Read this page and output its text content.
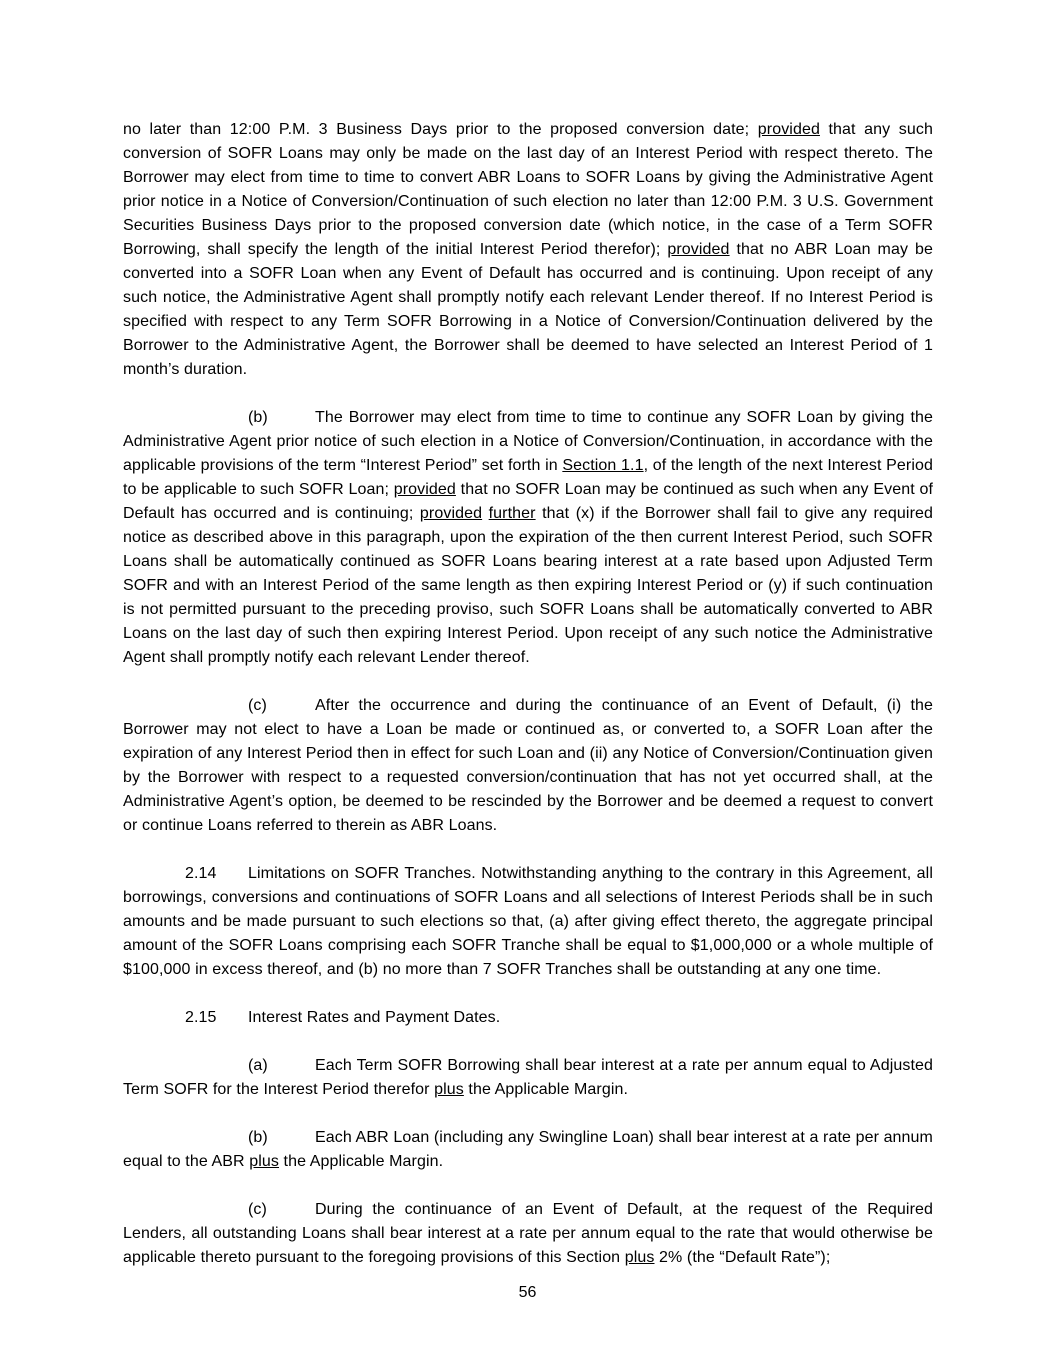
no later than 12:00 P.M. 3 Business Days prior to the proposed conversion date; provided that any such conversion of SOFR Loans may only be made on the last day of an Interest Period with respect thereto. The Borrower may elect from time to time to convert ABR Loans to SOFR Loans by giving the Administrative Agent prior notice in a Notice of Conversion/Continuation of such election no later than 12:00 P.M. 3 U.S. Government Securities Business Days prior to the proposed conversion date (which notice, in the case of a Term SOFR Borrowing, shall specify the length of the initial Interest Period therefor); provided that no ABR Loan may be converted into a SOFR Loan when any Event of Default has occurred and is continuing. Upon receipt of any such notice, the Administrative Agent shall promptly notify each relevant Lender thereof. If no Interest Period is specified with respect to any Term SOFR Borrowing in a Notice of Conversion/Continuation delivered by the Borrower to the Administrative Agent, the Borrower shall be deemed to have selected an Interest Period of 1 month’s duration.

(b)	The Borrower may elect from time to time to continue any SOFR Loan by giving the Administrative Agent prior notice of such election in a Notice of Conversion/Continuation, in accordance with the applicable provisions of the term “Interest Period” set forth in Section 1.1, of the length of the next Interest Period to be applicable to such SOFR Loan; provided that no SOFR Loan may be continued as such when any Event of Default has occurred and is continuing; provided further that (x) if the Borrower shall fail to give any required notice as described above in this paragraph, upon the expiration of the then current Interest Period, such SOFR Loans shall be automatically continued as SOFR Loans bearing interest at a rate based upon Adjusted Term SOFR and with an Interest Period of the same length as then expiring Interest Period or (y) if such continuation is not permitted pursuant to the preceding proviso, such SOFR Loans shall be automatically converted to ABR Loans on the last day of such then expiring Interest Period. Upon receipt of any such notice the Administrative Agent shall promptly notify each relevant Lender thereof.

(c)	After the occurrence and during the continuance of an Event of Default, (i) the Borrower may not elect to have a Loan be made or continued as, or converted to, a SOFR Loan after the expiration of any Interest Period then in effect for such Loan and (ii) any Notice of Conversion/Continuation given by the Borrower with respect to a requested conversion/continuation that has not yet occurred shall, at the Administrative Agent’s option, be deemed to be rescinded by the Borrower and be deemed a request to convert or continue Loans referred to therein as ABR Loans.

2.14 Limitations on SOFR Tranches. Notwithstanding anything to the contrary in this Agreement, all borrowings, conversions and continuations of SOFR Loans and all selections of Interest Periods shall be in such amounts and be made pursuant to such elections so that, (a) after giving effect thereto, the aggregate principal amount of the SOFR Loans comprising each SOFR Tranche shall be equal to $1,000,000 or a whole multiple of $100,000 in excess thereof, and (b) no more than 7 SOFR Tranches shall be outstanding at any one time.

2.15 Interest Rates and Payment Dates.

(a)	Each Term SOFR Borrowing shall bear interest at a rate per annum equal to Adjusted Term SOFR for the Interest Period therefor plus the Applicable Margin.

(b)	Each ABR Loan (including any Swingline Loan) shall bear interest at a rate per annum equal to the ABR plus the Applicable Margin.

(c)	During the continuance of an Event of Default, at the request of the Required Lenders, all outstanding Loans shall bear interest at a rate per annum equal to the rate that would otherwise be applicable thereto pursuant to the foregoing provisions of this Section plus 2% (the “Default Rate”);

56
